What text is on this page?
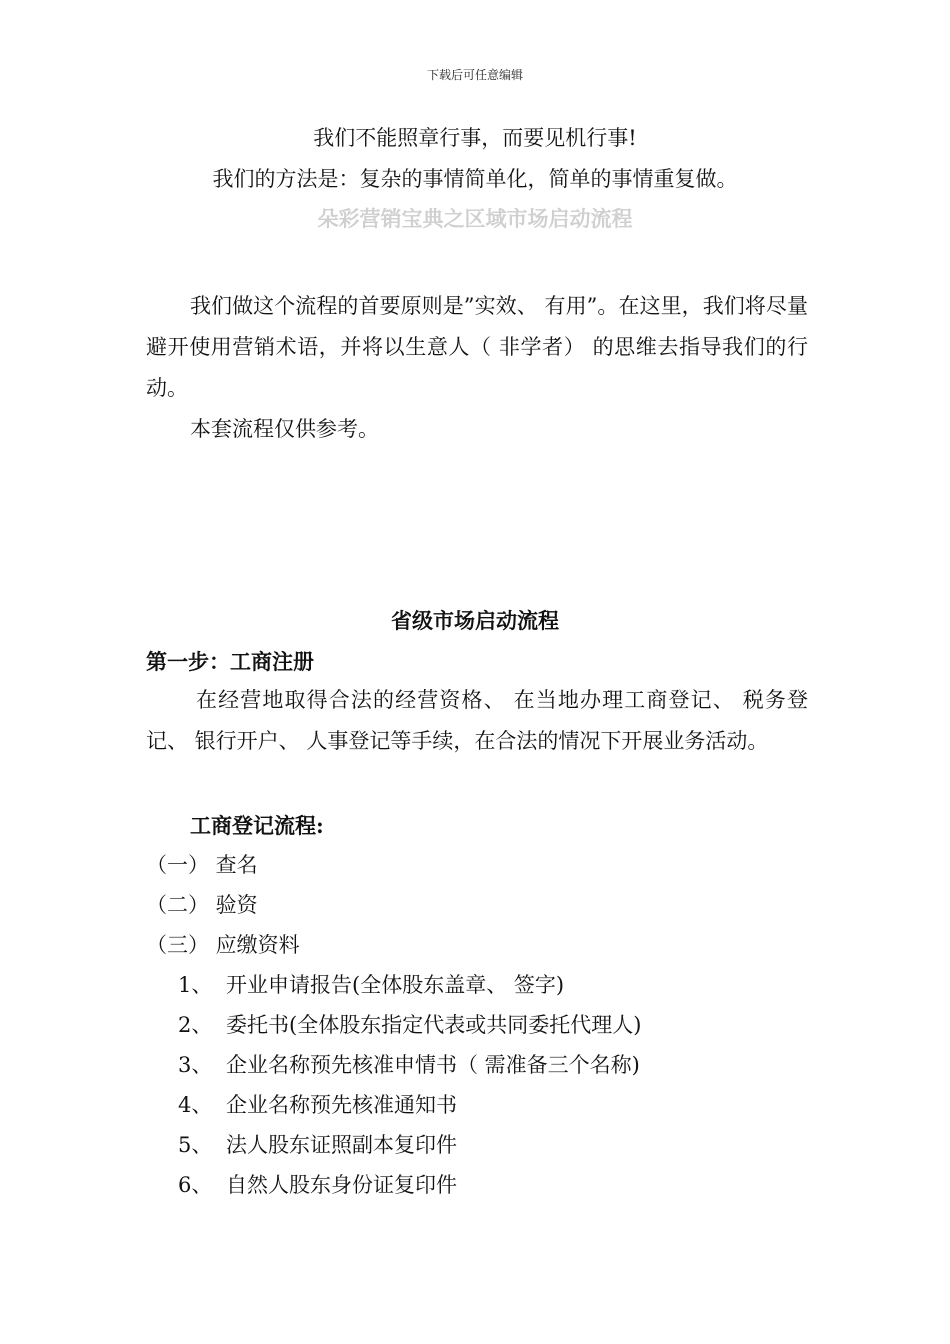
下载后可任意编辑
我们不能照章行事，而要见机行事!
我们的方法是：复杂的事情简单化，简单的事情重复做。
朵彩营销宝典之区域市场启动流程
我们做这个流程的首要原则是”实效、 有用”。在这里，我们将尽量避开使用营销术语，并将以生意人（ 非学者） 的思维去指导我们的行动。
本套流程仅供参考。
省级市场启动流程
第一步：工商注册
在经营地取得合法的经营资格、 在当地办理工商登记、 税务登记、 银行开户、 人事登记等手续，在合法的情况下开展业务活动。
工商登记流程:
（一） 查名
（二） 验资
（三） 应缴资料
1、 开业申请报告(全体股东盖章、 签字)
2、 委托书(全体股东指定代表或共同委托代理人)
3、 企业名称预先核准申情书（ 需准备三个名称)
4、 企业名称预先核准通知书
5、 法人股东证照副本复印件
6、 自然人股东身份证复印件
